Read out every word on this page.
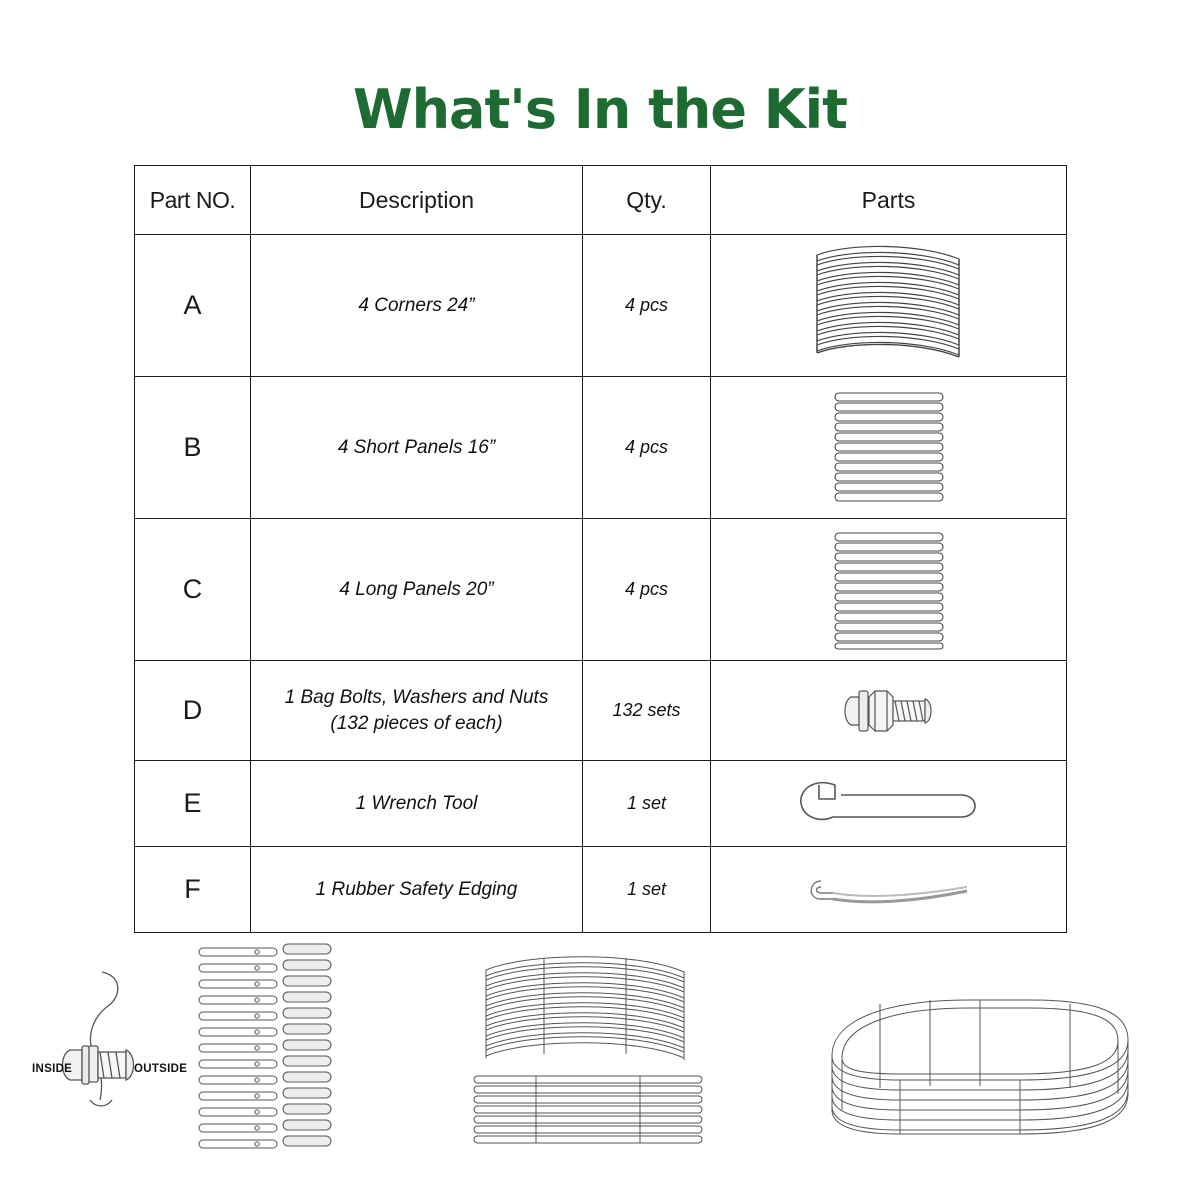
What's In the Kit
Part NO.	Description	Qty.	Parts
A	4 Corners 24”	4 pcs	

B	4 Short Panels 16”	4 pcs	

C	4 Long Panels 20”	4 pcs	

D	1 Bag Bolts, Washers and Nuts
(132 pieces of each)	132 sets	

E	1 Wrench Tool	1 set	

F	1 Rubber Safety Edging	1 set	
INSIDE	OUTSIDE
